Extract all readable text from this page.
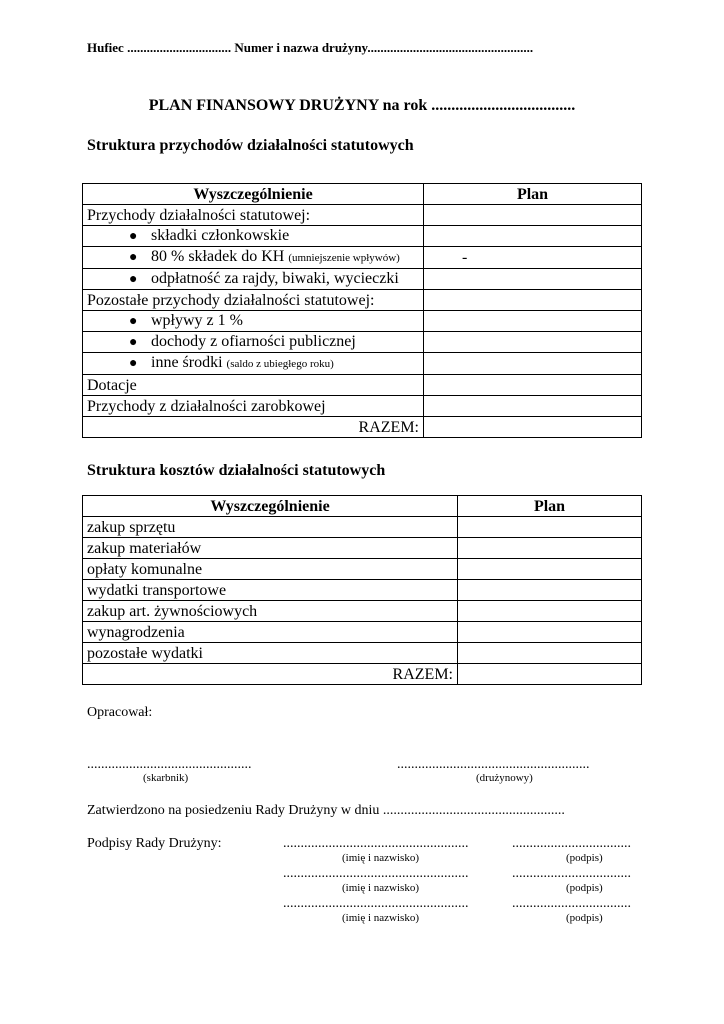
Hufiec ................................ Numer i nazwa drużyny...................................................
PLAN FINANSOWY DRUŻYNY na rok ....................................
Struktura przychodów działalności statutowych
Wyszczególnienie	Plan
Przychody działalności statutowej:	
● składki członkowskie	
● 80 % składek do KH (umniejszenie wpływów)	-
● odpłatność za rajdy, biwaki, wycieczki	
Pozostałe przychody działalności statutowej:	
● wpływy z 1 %	
● dochody z ofiarności publicznej	
● inne środki (saldo z ubiegłego roku)	
Dotacje	
Przychody z działalności zarobkowej	
RAZEM:	
Struktura kosztów działalności statutowych
Wyszczególnienie	Plan
zakup sprzętu	
zakup materiałów	
opłaty komunalne	
wydatki transportowe	
zakup art. żywnościowych	
wynagrodzenia	
pozostałe wydatki	
RAZEM:	
Opracował:
...............................................
(skarbnik)
.......................................................
(drużynowy)
Zatwierdzono na posiedzeniu Rady Drużyny w dniu ....................................................
Podpisy Rady Drużyny:	.....................................................
(imię i nazwisko)
..................................
(podpis)
.....................................................
(imię i nazwisko)
..................................
(podpis)
.....................................................
(imię i nazwisko)
..................................
(podpis)
